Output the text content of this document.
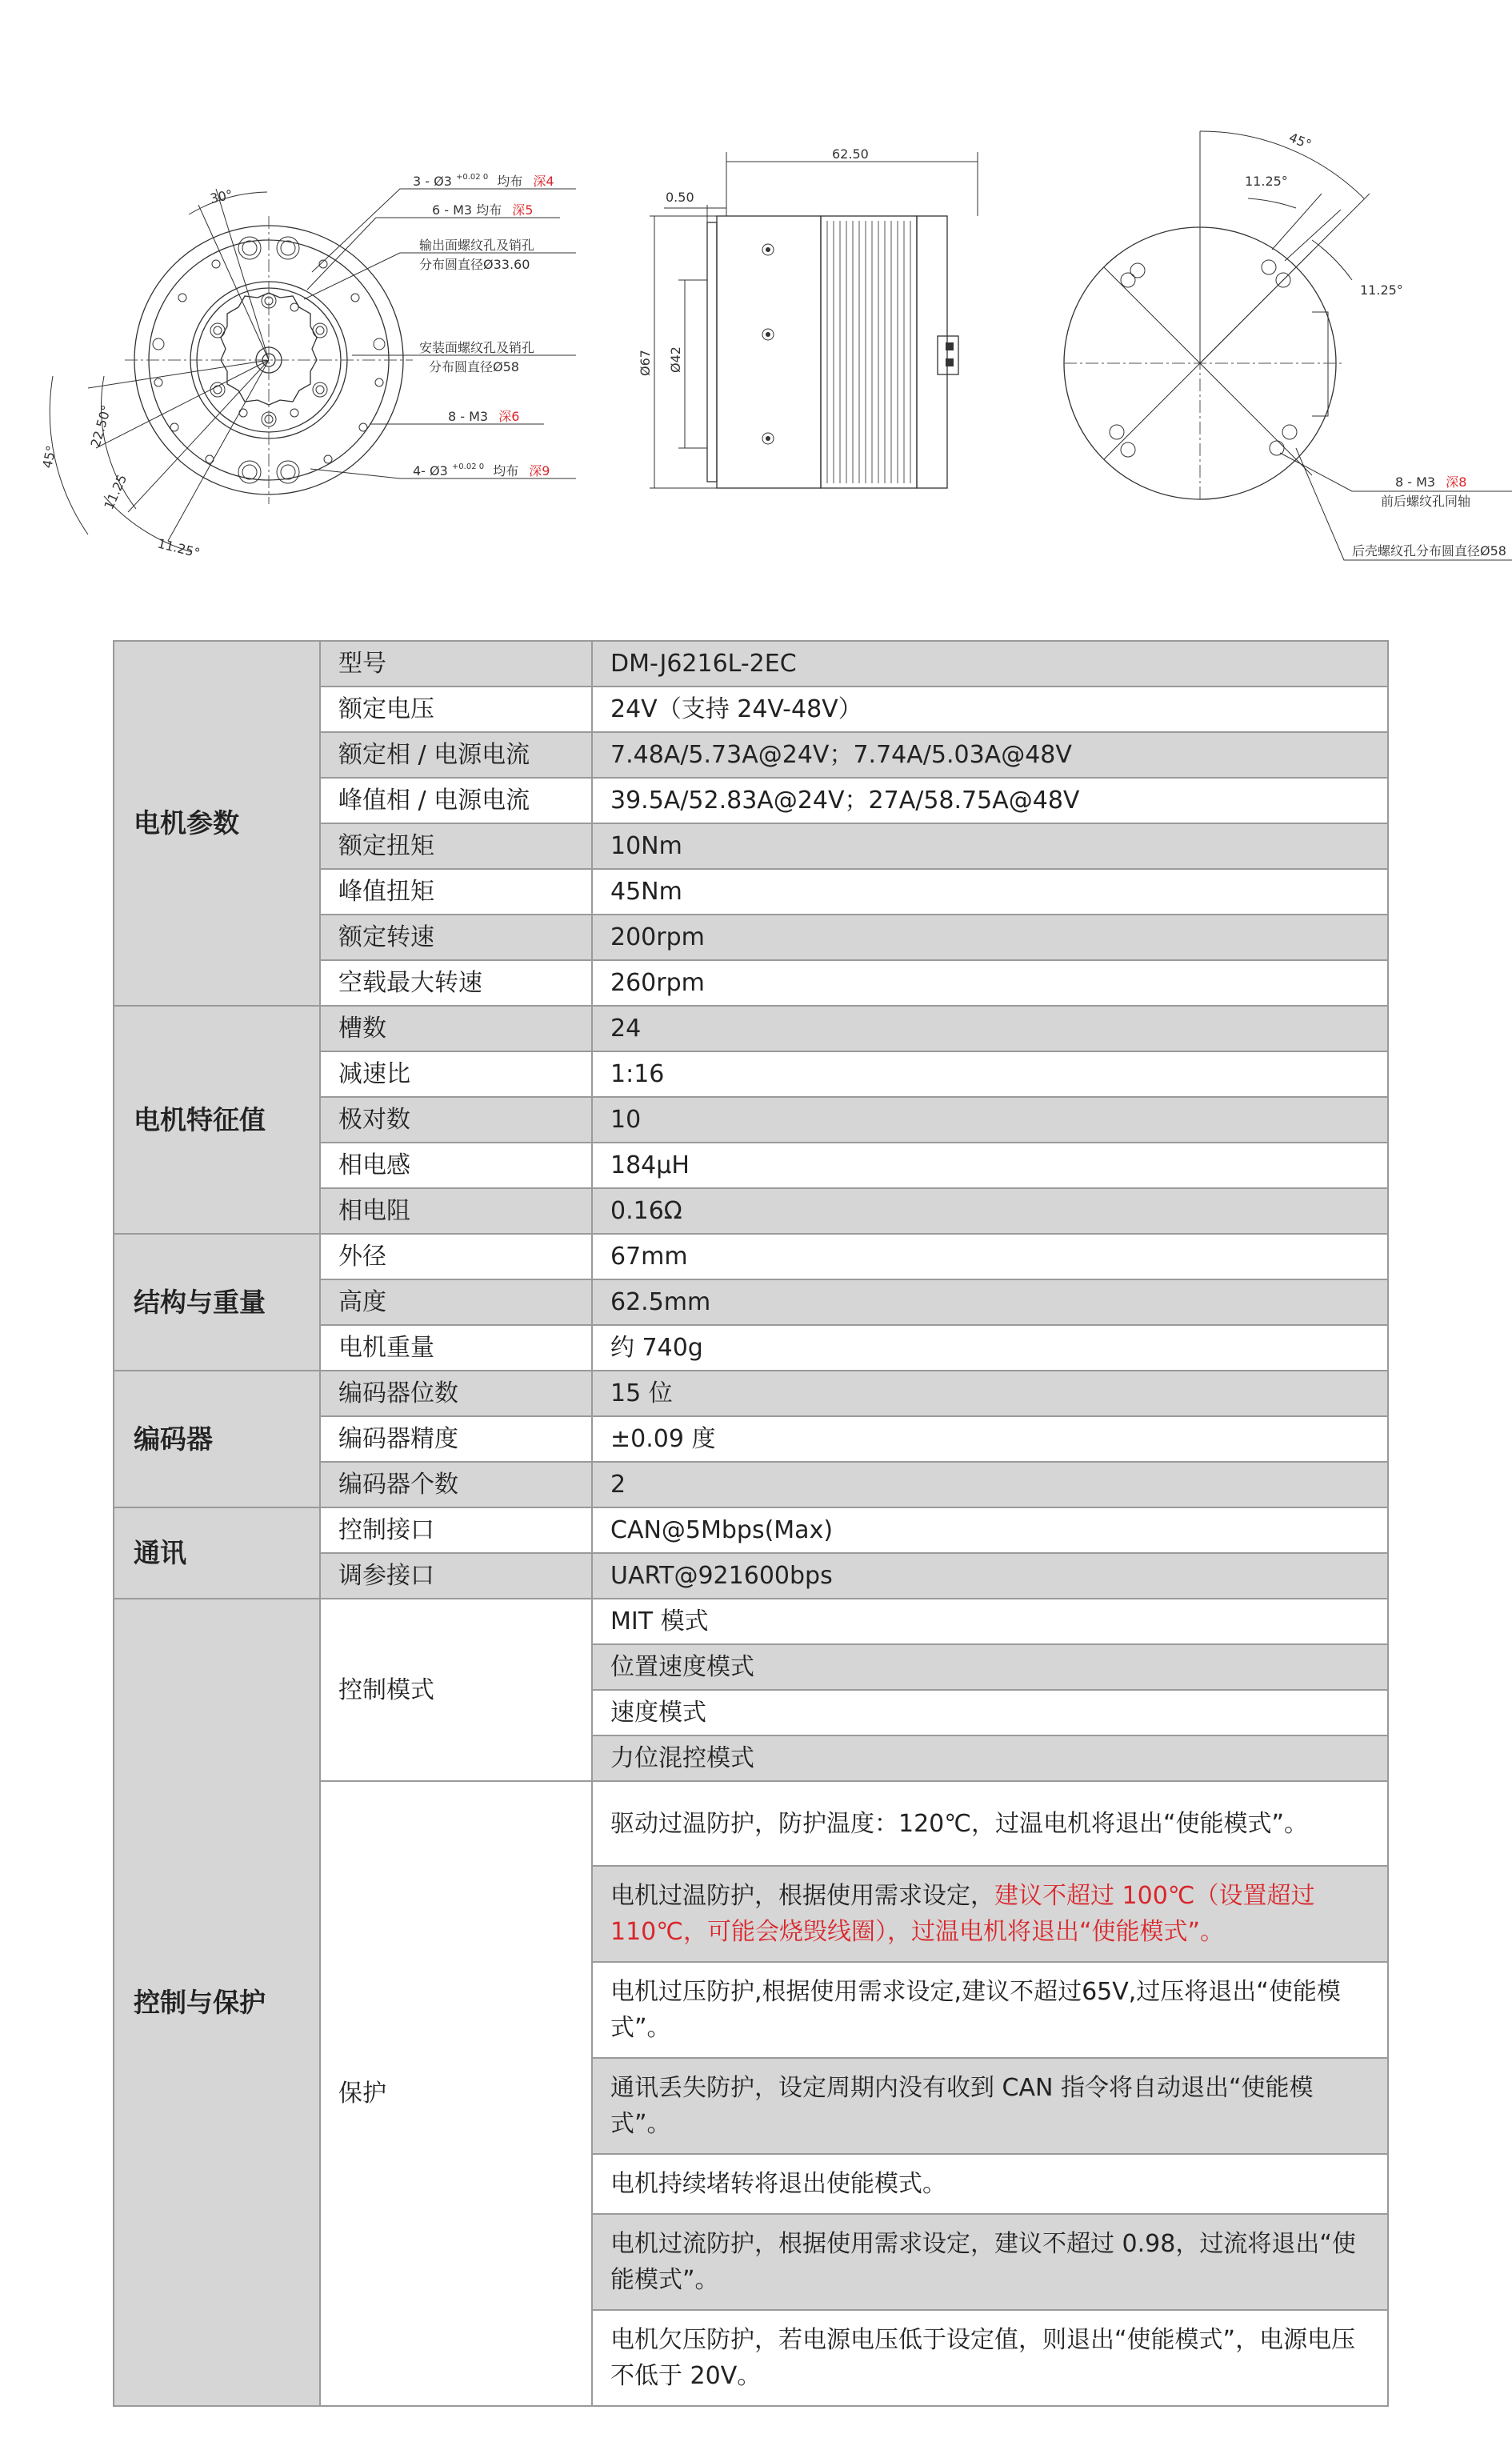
30°
22.50°
45°
11.25
11.25°
3 - Ø3 $^{+0.02 0}$ 均布 深4
6 - M3 均布 深5
输出面螺纹孔及销孔
分布圆直径Ø33.60
安装面螺纹孔及销孔
分布圆直径Ø58
8 - M3 深6
4- Ø3 $^{+0.02 0}$ 均布 深9
62.50
0.50
Ø67 Ø42
45°
11.25°
11.25°
8 - M3 深8
前后螺纹孔同轴
后壳螺纹孔分布圆直径Ø58
电机参数	型号	DM-J6216L-2EC
	额定电压	24V（支持 24V-48V）
	额定相 / 电源电流	7.48A/5.73A@24V；7.74A/5.03A@48V
	峰值相 / 电源电流	39.5A/52.83A@24V；27A/58.75A@48V
	额定扭矩	10Nm
	峰值扭矩	45Nm
	额定转速	200rpm
	空载最大转速	260rpm
电机特征值	槽数	24
	减速比	1:16
	极对数	10
	相电感	184μH
	相电阻	0.16Ω
结构与重量	外径	67mm
	高度	62.5mm
	电机重量	约 740g
编码器	编码器位数	15 位
	编码器精度	±0.09 度
	编码器个数	2
通讯	控制接口	CAN@5Mbps(Max)
	调参接口	UART@921600bps
控制与保护	控制模式	MIT 模式
		位置速度模式
		速度模式
		力位混控模式
	保护	驱动过温防护，防护温度：120℃，过温电机将退出“使能模式”。
		电机过温防护，根据使用需求设定，建议不超过 100℃（设置超过 110℃，可能会烧毁线圈），过温电机将退出“使能模式”。
		电机过压防护,根据使用需求设定,建议不超过65V,过压将退出“使能模式”。
		通讯丢失防护，设定周期内没有收到 CAN 指令将自动退出“使能模式”。
		电机持续堵转将退出使能模式。
		电机过流防护，根据使用需求设定，建议不超过 0.98，过流将退出“使能模式”。
		电机欠压防护，若电源电压低于设定值，则退出“使能模式”，电源电压不低于 20V。
